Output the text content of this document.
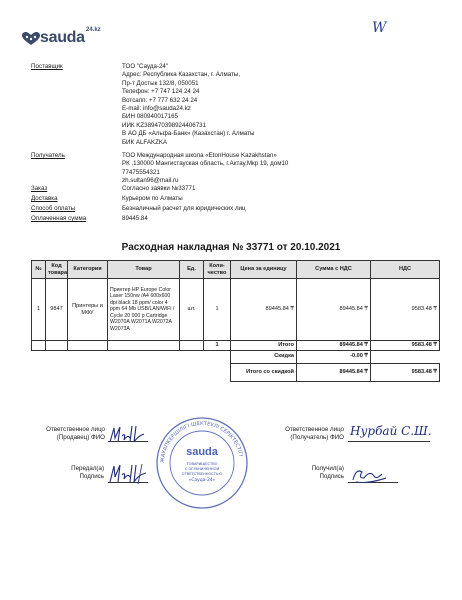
sauda 24.kz	W
Поставщик	ТОО "Сауда-24"
Адрес: Республика Казахстан, г. Алматы,
Пр-т Достык 132/8, 050051
Телефон: +7 747 124 24 24
Вотсапп: +7 777 632 24 24
E-mail: info@sauda24.kz
БИН 080940017165
ИИК KZ389470398924406731
В АО ДБ «Альфа-Банк» (Казахстан) г. Алматы
БИК ALFAKZKA
Получатель	ТОО Международная школа «EtonHouse Kazakhstan»
РК ,130000 Мангистауская область, г.Актау,Мкр 19, дом10
77475554321
zh.sultan96@mail.ru
Заказ	Согласно заявки №33771
Доставка	Курьером по Алматы
Способ оплаты	Безналичный расчет для юридических лиц
Оплаченная сумма	89445.84
Расходная накладная № 33771 от 20.10.2021
№	Код товара	Категория	Товар	Ед.	Коли-чество	Цена за единицу	Сумма с НДС	НДС
1	9847	Принтеры и МФУ	Принтер HP Europe Color Laser 150nw /A4 600x600 dpi black 18 ppm/ color 4 ppm 64 Mb USB/LAN/WiFi / Cycle 20 000 p Cartridge W2070A W2071A W2072A W2073A	шт.	1	89445.84 ₸	89445.84 ₸	9583.48 ₸
					1	Итого	89445.84 ₸	9583.48 ₸
						Скидка	-0.00 ₸	
						Итого со скидкой	89445.84 ₸	9583.48 ₸
Ответственное лицо (Продавец) ФИО
Передал(а) Подпись
ЖАУАПКЕРШІЛІГІ ШЕКТЕУЛІ СЕРІКТЕСТІГІ
sauda
ТОВАРИЩЕСТВО
С ОГРАНИЧЕННОЙ
ОТВЕТСТВЕННОСТЬЮ
«Сауда-24»
Ответственное лицо (Получатель) ФИО Нурбай С.Ш.
Получил(а) Подпись
